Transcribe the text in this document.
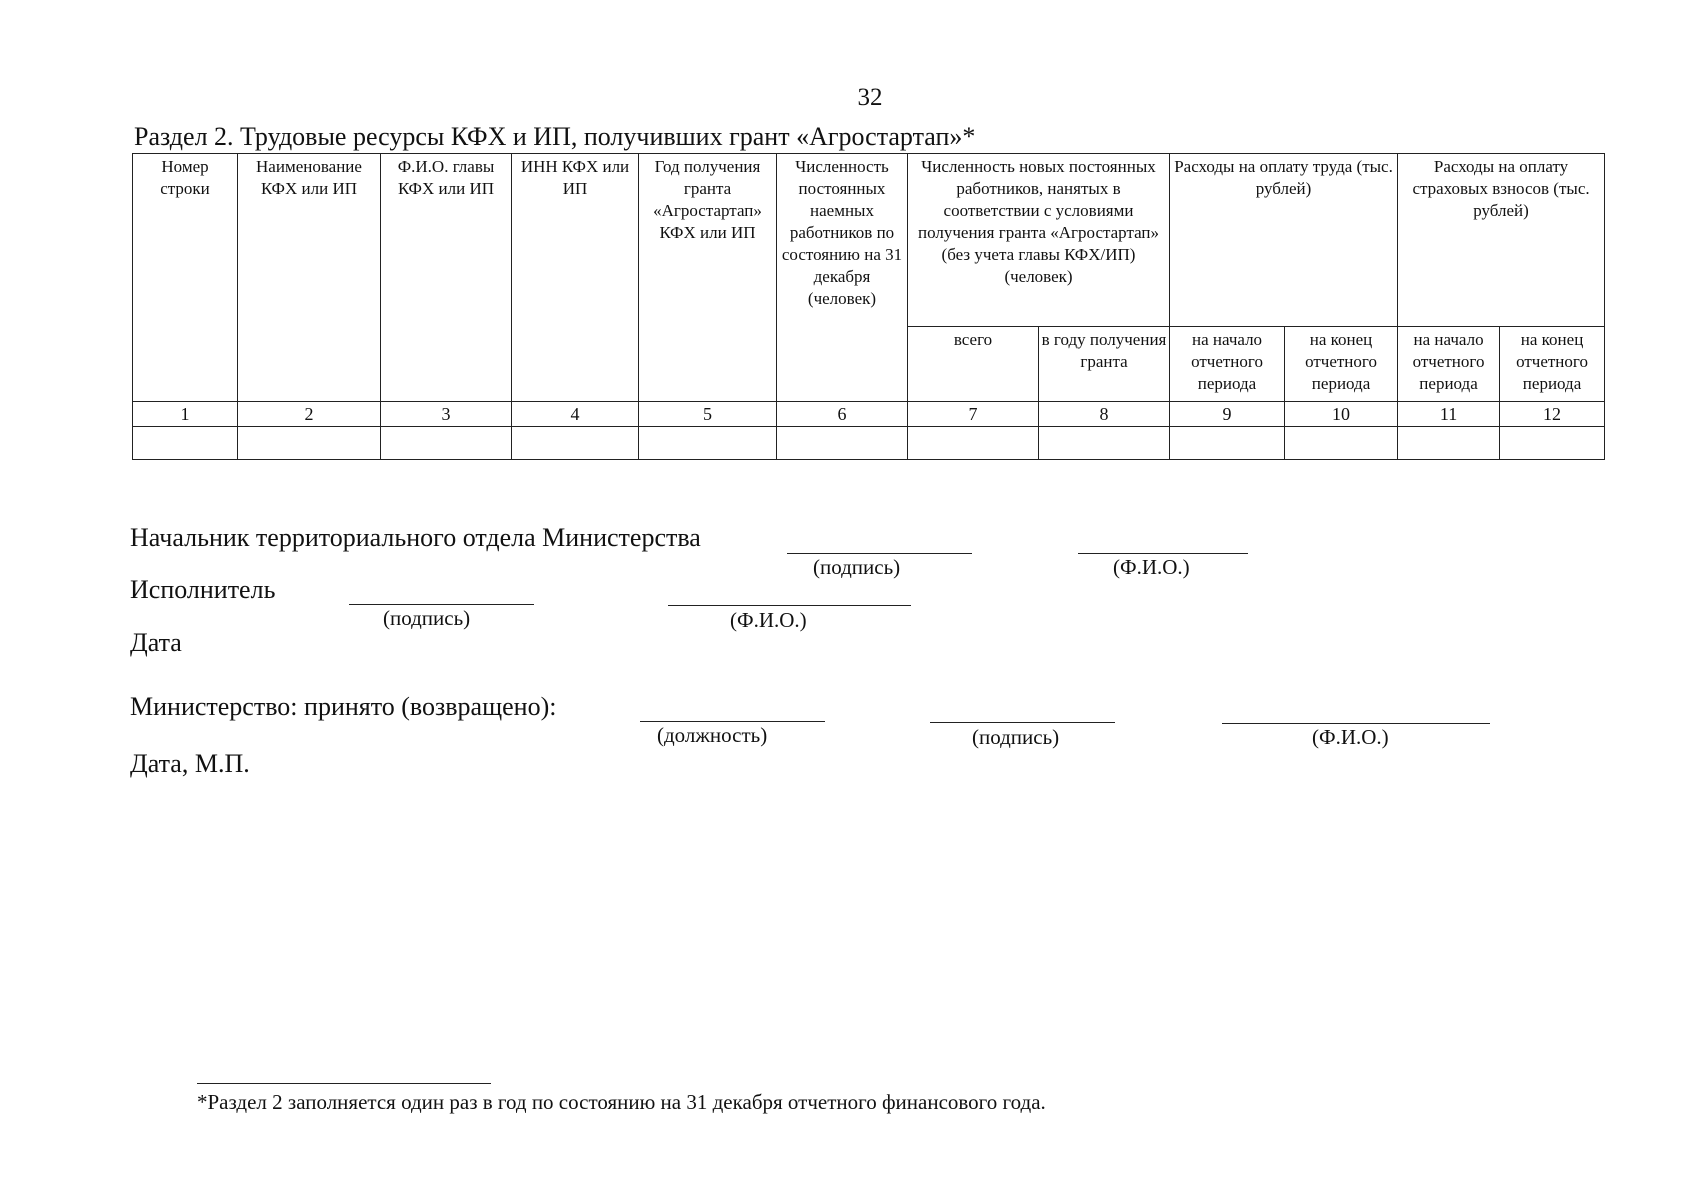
32
Раздел 2. Трудовые ресурсы КФХ и ИП, получивших грант «Агростартап»*
Номер строки	Наименование КФХ или ИП	Ф.И.О. главы КФХ или ИП	ИНН КФХ или ИП	Год получения гранта «Агростартап» КФХ или ИП	Численность постоянных наемных работников по состоянию на 31 декабря (человек)	Численность новых постоянных работников, нанятых в соответствии с условиями получения гранта «Агростартап» (без учета главы КФХ/ИП) (человек)		Расходы на оплату труда (тыс. рублей)		Расходы на оплату страховых взносов (тыс. рублей)	
						всего	в году получения гранта	на начало отчетного периода	на конец отчетного периода	на начало отчетного периода	на конец отчетного периода
1	2	3	4	5	6	7	8	9	10	11	12

Начальник территориального отдела Министерства
(подпись)	(Ф.И.О.)
Исполнитель
(подпись)	(Ф.И.О.)
Дата
Министерство: принято (возвращено):
(должность)	(подпись)	(Ф.И.О.)
Дата, М.П.
*Раздел 2 заполняется один раз в год по состоянию на 31 декабря отчетного финансового года.
